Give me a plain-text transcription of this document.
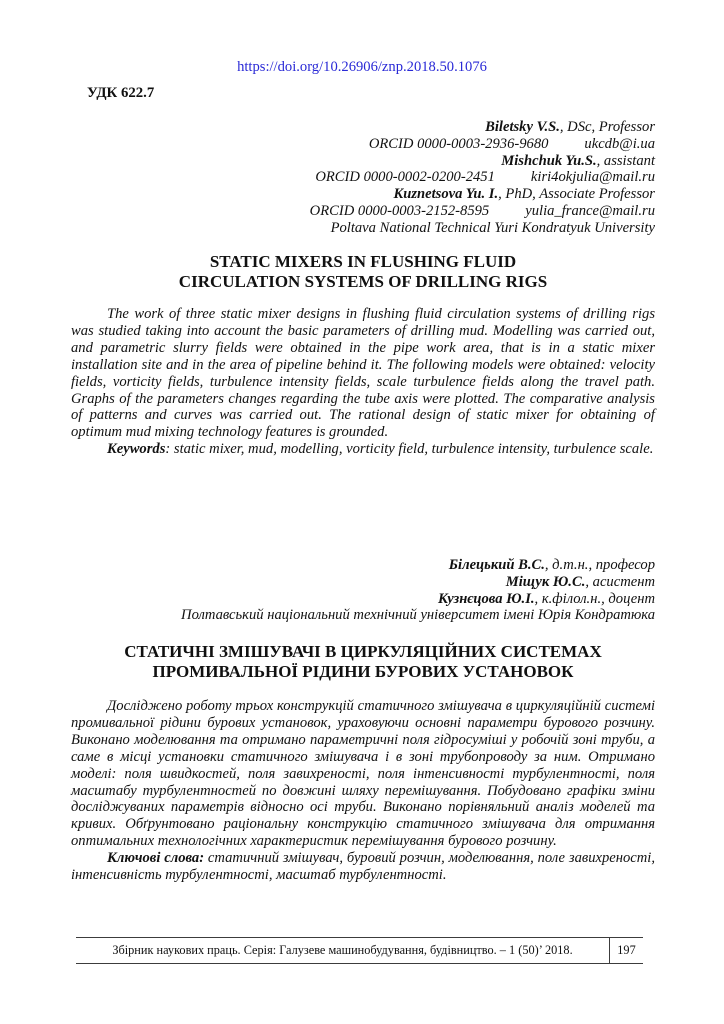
https://doi.org/10.26906/znp.2018.50.1076
УДК 622.7
Biletsky V.S., DSc, Professor
ORCID 0000-0003-2936-9680 ukcdb@i.ua
Mishchuk Yu.S., assistant
ORCID 0000-0002-0200-2451 kiri4okjulia@mail.ru
Kuznetsova Yu. I., PhD, Associate Professor
ORCID 0000-0003-2152-8595 yulia_france@mail.ru
Poltava National Technical Yuri Kondratyuk University
STATIC MIXERS IN FLUSHING FLUID
CIRCULATION SYSTEMS OF DRILLING RIGS

The work of three static mixer designs in flushing fluid circulation systems of drilling rigs was studied taking into account the basic parameters of drilling mud. Modelling was carried out, and parametric slurry fields were obtained in the pipe work area, that is in a static mixer installation site and in the area of pipeline behind it. The following models were obtained: velocity fields, vorticity fields, turbulence intensity fields, scale turbulence fields along the travel path. Graphs of the parameters changes regarding the tube axis were plotted. The comparative analysis of patterns and curves was carried out. The rational design of static mixer for obtaining of optimum mud mixing technology features is grounded.

Keywords: static mixer, mud, modelling, vorticity field, turbulence intensity, turbulence scale.

Білецький В.С., д.т.н., професор
Міщук Ю.С., асистент
Кузнєцова Ю.І., к.філол.н., доцент
Полтавський національний технічний університет імені Юрія Кондратюка
СТАТИЧНІ ЗМІШУВАЧІ В ЦИРКУЛЯЦІЙНИХ СИСТЕМАХ
ПРОМИВАЛЬНОЇ РІДИНИ БУРОВИХ УСТАНОВОК

Досліджено роботу трьох конструкцій статичного змішувача в циркуляційній системі промивальної рідини бурових установок, ураховуючи основні параметри бурового розчину. Виконано моделювання та отримано параметричні поля гідросуміші у робочій зоні труби, а саме в місці установки статичного змішувача і в зоні трубопроводу за ним. Отримано моделі: поля швидкостей, поля завихреності, поля інтенсивності турбулентності, поля масштабу турбулентностей по довжині шляху перемішування. Побудовано графіки зміни досліджуваних параметрів відносно осі труби. Виконано порівняльний аналіз моделей та кривих. Обґрунтовано раціональну конструкцію статичного змішувача для отримання оптимальних технологічних характеристик перемішування бурового розчину.

Ключові слова: статичний змішувач, буровий розчин, моделювання, поле завихреності, інтенсивність турбулентності, масштаб турбулентності.

Збірник наукових праць. Серія: Галузеве машинобудування, будівництво. – 1 (50)’ 2018.	197
